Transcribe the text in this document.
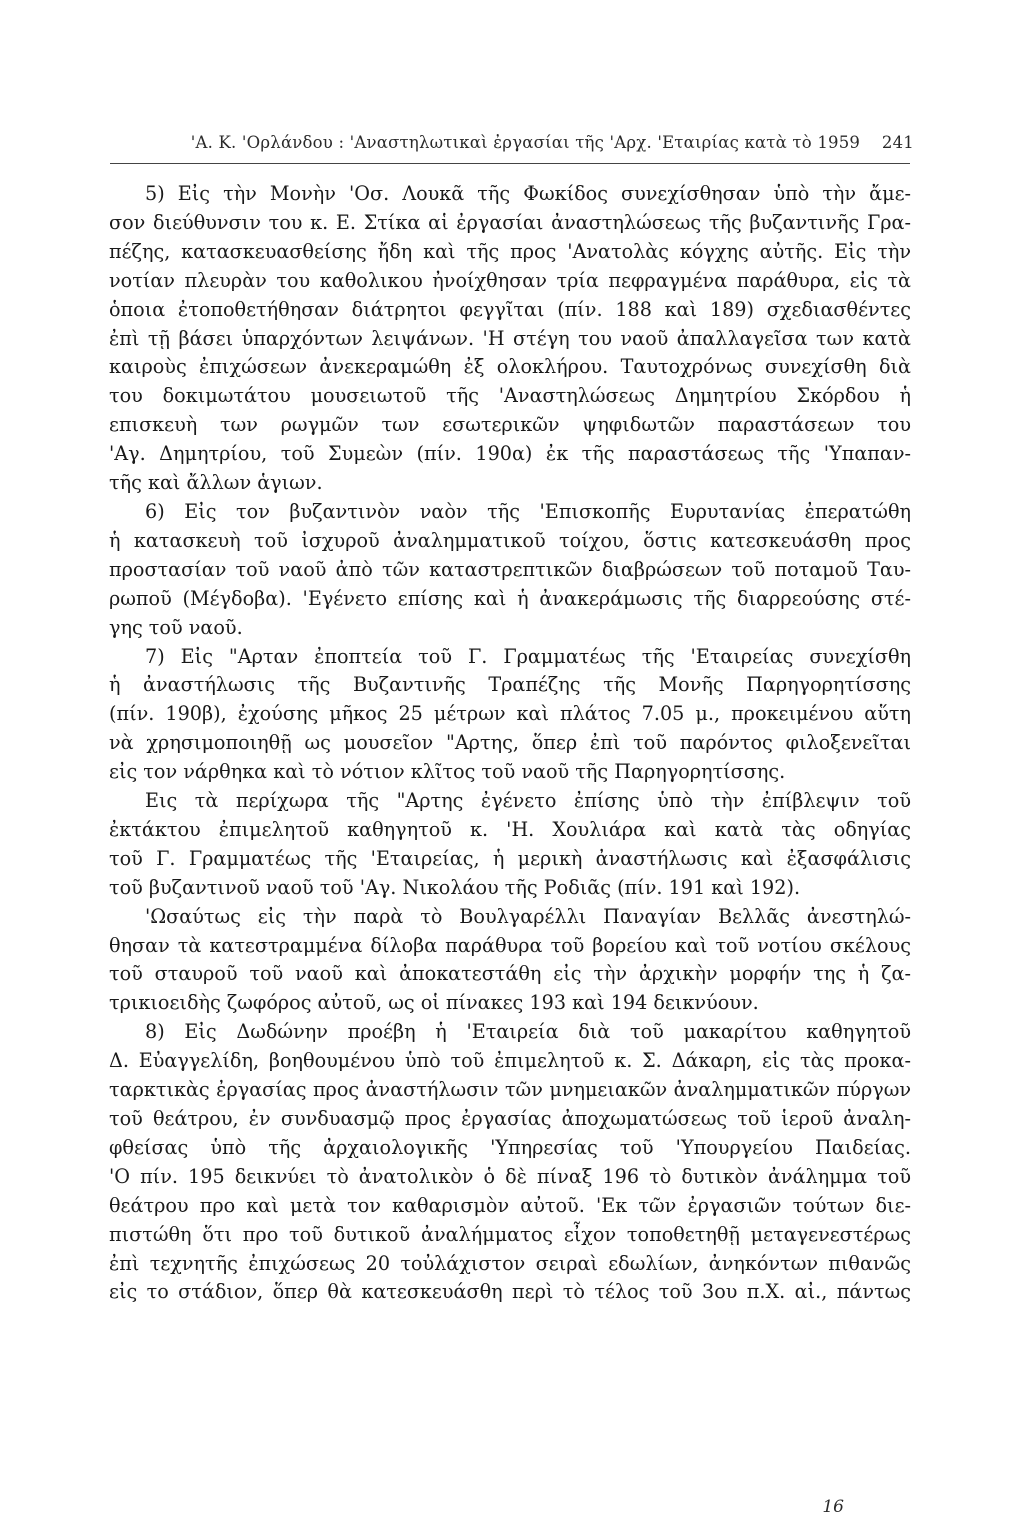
'Α. Κ. 'Ορλάνδου : 'Αναστηλωτικαὶ ἐργασίαι τῆς 'Αρχ. 'Εταιρίας κατὰ τὸ 1959 241
5) Εἰς τὴν Μονὴν 'Οσ. Λουκᾶ τῆς Φωκίδος συνεχίσθησαν ὑπὸ τὴν ἄμε-
σον διεύθυνσιν του κ. Ε. Στίκα αἱ ἐργασίαι ἀναστηλώσεως τῆς βυζαντινῆς Γρα-
πέζης, κατασκευασθείσης ἤδη καὶ τῆς προς 'Ανατολὰς κόγχης αὐτῆς. Εἰς τὴν
νοτίαν πλευρὰν του καθολικου ἠνοίχθησαν τρία πεφραγμένα παράθυρα, εἰς τὰ
ὁποια ἐτοποθετήθησαν διάτρητοι φεγγῖται (πίν. 188 καὶ 189) σχεδιασθέντες
ἐπὶ τῇ βάσει ὑπαρχόντων λειψάνων. 'Η στέγη του ναοῦ ἀπαλλαγεῖσα των κατὰ
καιροὺς ἐπιχώσεων ἀνεκεραμώθη ἐξ ολοκλήρου. Ταυτοχρόνως συνεχίσθη διὰ
του δοκιμωτάτου μουσειωτοῦ τῆς 'Αναστηλώσεως Δημητρίου Σκόρδου ἡ
επισκευὴ των ρωγμῶν των εσωτερικῶν ψηφιδωτῶν παραστάσεων του
'Αγ. Δημητρίου, τοῦ Συμεὼν (πίν. 190α) ἐκ τῆς παραστάσεως τῆς 'Υπαπαν-
τῆς καὶ ἄλλων ἁγιων.
6) Εἰς τον βυζαντινὸν ναὸν τῆς 'Επισκοπῆς Ευρυτανίας ἐπερατώθη
ἡ κατασκευὴ τοῦ ἰσχυροῦ ἀναλημματικοῦ τοίχου, ὅστις κατεσκευάσθη προς
προστασίαν τοῦ ναοῦ ἀπὸ τῶν καταστρεπτικῶν διαβρώσεων τοῦ ποταμοῦ Ταυ-
ρωποῦ (Μέγδοβα). 'Εγένετο επίσης καὶ ἡ ἀνακεράμωσις τῆς διαρρεούσης στέ-
γης τοῦ ναοῦ.
7) Εἰς "Αρταν ἐποπτεία τοῦ Γ. Γραμματέως τῆς 'Εταιρείας συνεχίσθη
ἡ ἀναστήλωσις τῆς Βυζαντινῆς Τραπέζης τῆς Μονῆς Παρηγορητίσσης
(πίν. 190β), ἐχούσης μῆκος 25 μέτρων καὶ πλάτος 7.05 μ., προκειμένου αὕτη
νὰ χρησιμοποιηθῇ ως μουσεῖον "Αρτης, ὅπερ ἐπὶ τοῦ παρόντος φιλοξενεῖται
εἰς τον νάρθηκα καὶ τὸ νότιον κλῖτος τοῦ ναοῦ τῆς Παρηγορητίσσης.
Εις τὰ περίχωρα τῆς "Αρτης ἐγένετο ἐπίσης ὑπὸ τὴν ἐπίβλεψιν τοῦ
ἐκτάκτου ἐπιμελητοῦ καθηγητοῦ κ. 'Η. Χουλιάρα καὶ κατὰ τὰς οδηγίας
τοῦ Γ. Γραμματέως τῆς 'Εταιρείας, ἡ μερικὴ ἀναστήλωσις καὶ ἐξασφάλισις
τοῦ βυζαντινοῦ ναοῦ τοῦ 'Αγ. Νικολάου τῆς Ροδιᾶς (πίν. 191 καὶ 192).
'Ωσαύτως εἰς τὴν παρὰ τὸ Βουλγαρέλλι Παναγίαν Βελλᾶς ἀνεστηλώ-
θησαν τὰ κατεστραμμένα δίλοβα παράθυρα τοῦ βορείου καὶ τοῦ νοτίου σκέλους
τοῦ σταυροῦ τοῦ ναοῦ καὶ ἀποκατεστάθη εἰς τὴν ἀρχικὴν μορφήν της ἡ ζα-
τρικιοειδὴς ζωφόρος αὐτοῦ, ως οἱ πίνακες 193 καὶ 194 δεικνύουν.
8) Εἰς Δωδώνην προέβη ἡ 'Εταιρεία διὰ τοῦ μακαρίτου καθηγητοῦ
Δ. Εὐαγγελίδη, βοηθουμένου ὑπὸ τοῦ ἐπιμελητοῦ κ. Σ. Δάκαρη, εἰς τὰς προκα-
ταρκτικὰς ἐργασίας προς ἀναστήλωσιν τῶν μνημειακῶν ἀναλημματικῶν πύργων
τοῦ θεάτρου, ἐν συνδυασμῷ προς ἐργασίας ἀποχωματώσεως τοῦ ἱεροῦ ἀναλη-
φθείσας ὑπὸ τῆς ἀρχαιολογικῆς 'Υπηρεσίας τοῦ 'Υπουργείου Παιδείας.
'Ο πίν. 195 δεικνύει τὸ ἀνατολικὸν ὁ δὲ πίναξ 196 τὸ δυτικὸν ἀνάλημμα τοῦ
θεάτρου προ καὶ μετὰ τον καθαρισμὸν αὐτοῦ. 'Εκ τῶν ἐργασιῶν τούτων διε-
πιστώθη ὅτι προ τοῦ δυτικοῦ ἀναλήμματος εἶχον τοποθετηθῇ μεταγενεστέρως
ἐπὶ τεχνητῆς ἐπιχώσεως 20 τοὐλάχιστον σειραὶ εδωλίων, ἀνηκόντων πιθανῶς
εἰς το στάδιον, ὅπερ θὰ κατεσκευάσθη περὶ τὸ τέλος τοῦ 3ου π.Χ. αἰ., πάντως
16
